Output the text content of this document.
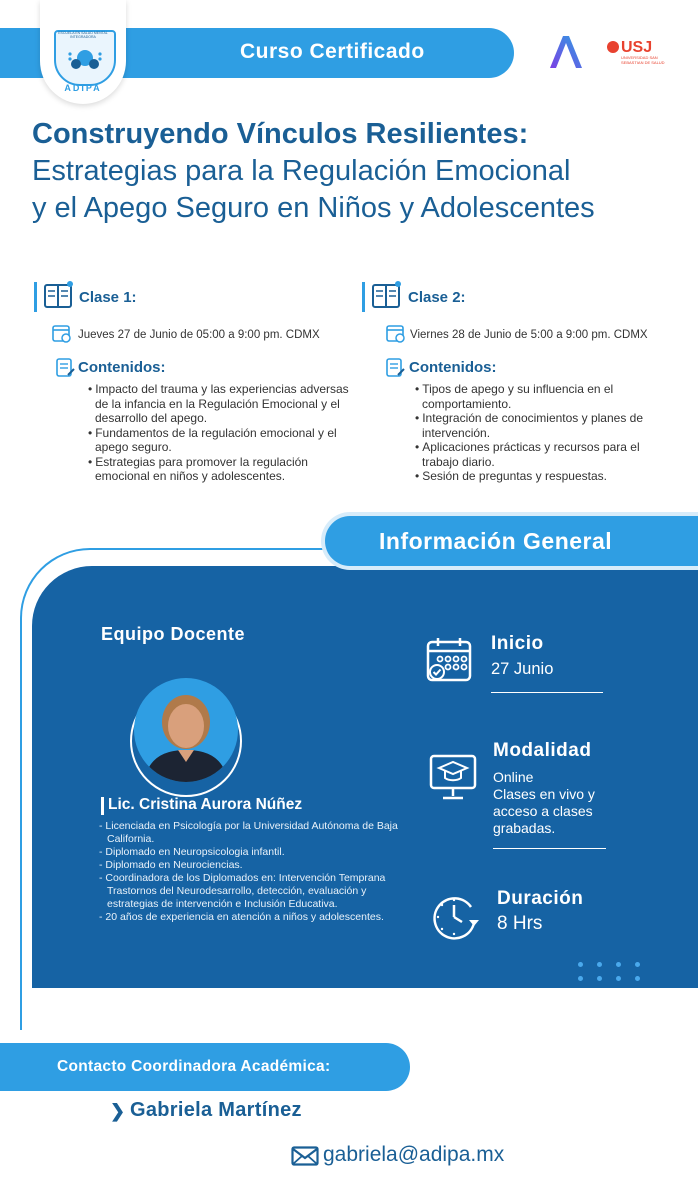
Curso Certificado
ESCUELA EN SALUD MENTAL INTEGRADORA
ADIPA
USJ
UNIVERSIDAD SAN SEBASTIAN DE SALUD
Construyendo Vínculos Resilientes:
Estrategias para la Regulación Emocional
y el Apego Seguro en Niños y Adolescentes
Clase 1:
Jueves 27 de Junio de 05:00 a 9:00 pm. CDMX
Contenidos:
• Impacto del trauma y las experiencias adversas de la infancia en la Regulación Emocional y el desarrollo del apego.
• Fundamentos de la regulación emocional y el apego seguro.
• Estrategias para promover la regulación emocional en niños y adolescentes.
Clase 2:
Viernes 28 de Junio de 5:00 a 9:00 pm. CDMX
Contenidos:
• Tipos de apego y su influencia en el comportamiento.
• Integración de conocimientos y planes de intervención.
• Aplicaciones prácticas y recursos para el trabajo diario.
• Sesión de preguntas y respuestas.
Información General
Equipo Docente
Lic. Cristina Aurora Núñez
- Licenciada en Psicología por la Universidad Autónoma de Baja California.
- Diplomado en Neuropsicologia infantil.
- Diplomado en Neurociencias.
- Coordinadora de los Diplomados en: Intervención Temprana Trastornos del Neurodesarrollo, detección, evaluación y estrategias de intervención e Inclusión Educativa.
- 20 años de experiencia en atención a niños y adolescentes.
Inicio
27 Junio
Modalidad
Online
Clases en vivo y
acceso a clases
grabadas.
Duración
8 Hrs
Contacto Coordinadora Académica:
❯ Gabriela Martínez
gabriela@adipa.mx
